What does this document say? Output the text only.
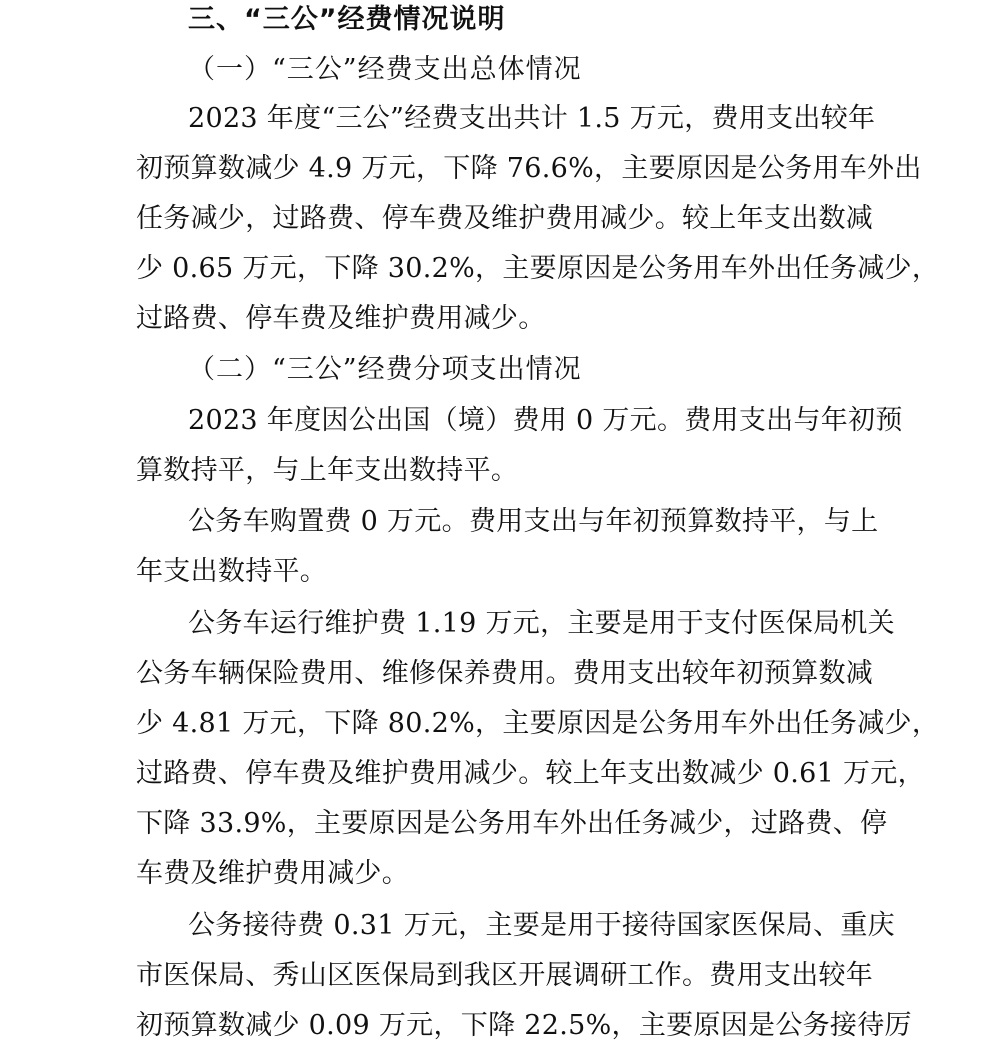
三、“三公”经费情况说明
（一）“三公”经费支出总体情况
2023 年度“三公”经费支出共计 1.5 万元，费用支出较年
初预算数减少 4.9 万元，下降 76.6%，主要原因是公务用车外出
任务减少，过路费、停车费及维护费用减少。较上年支出数减
少 0.65 万元，下降 30.2%，主要原因是公务用车外出任务减少，
过路费、停车费及维护费用减少。
（二）“三公”经费分项支出情况
2023 年度因公出国（境）费用 0 万元。费用支出与年初预
算数持平，与上年支出数持平。
公务车购置费 0 万元。费用支出与年初预算数持平，与上
年支出数持平。
公务车运行维护费 1.19 万元，主要是用于支付医保局机关
公务车辆保险费用、维修保养费用。费用支出较年初预算数减
少 4.81 万元，下降 80.2%，主要原因是公务用车外出任务减少，
过路费、停车费及维护费用减少。较上年支出数减少 0.61 万元，
下降 33.9%，主要原因是公务用车外出任务减少，过路费、停
车费及维护费用减少。
公务接待费 0.31 万元，主要是用于接待国家医保局、重庆
市医保局、秀山区医保局到我区开展调研工作。费用支出较年
初预算数减少 0.09 万元，下降 22.5%，主要原因是公务接待厉
